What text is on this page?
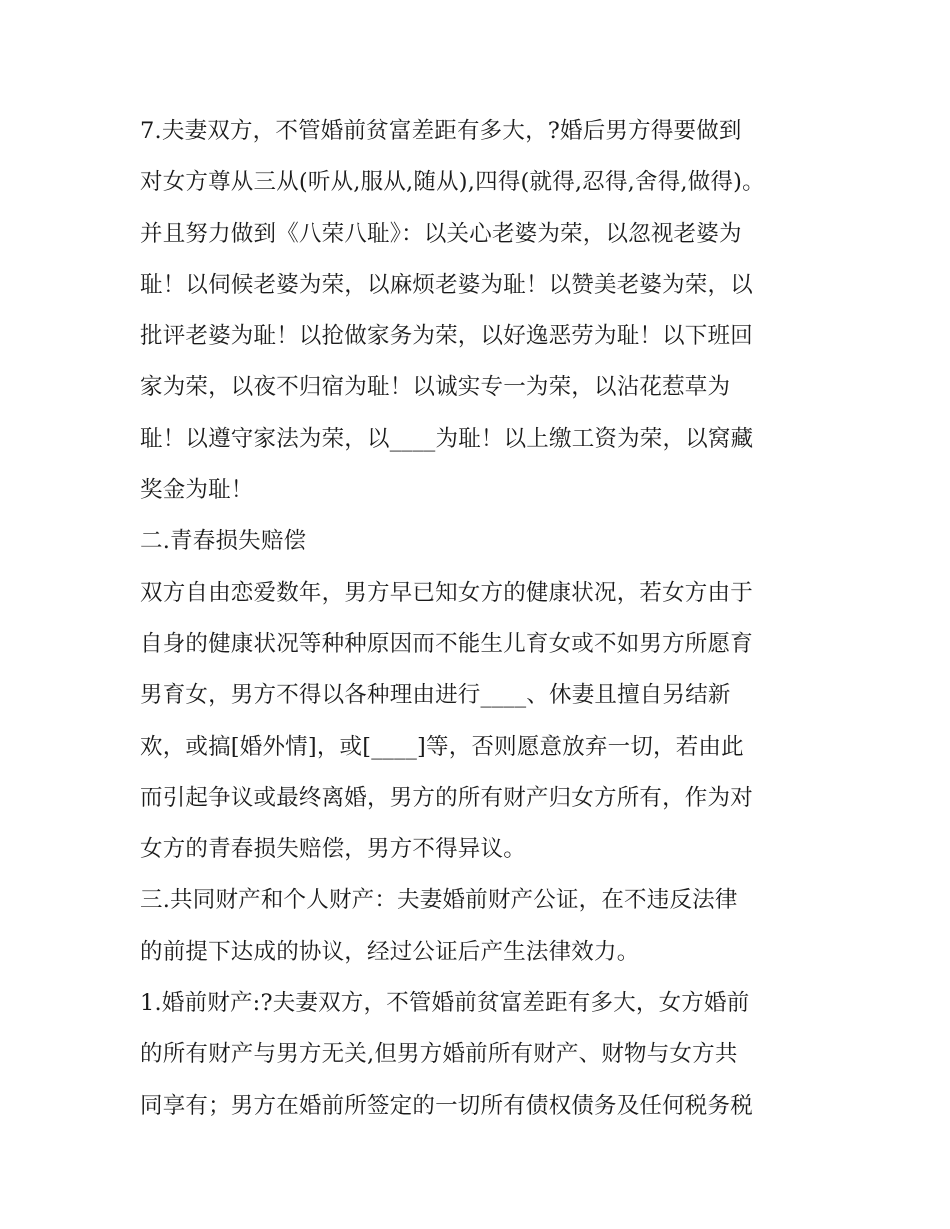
7.夫妻双方，不管婚前贫富差距有多大，?婚后男方得要做到
对女方尊从三从(听从,服从,随从),四得(就得,忍得,舍得,做得)。
并且努力做到《八荣八耻》：以关心老婆为荣，以忽视老婆为
耻！以伺候老婆为荣，以麻烦老婆为耻！以赞美老婆为荣，以
批评老婆为耻！以抢做家务为荣，以好逸恶劳为耻！以下班回
家为荣，以夜不归宿为耻！以诚实专一为荣，以沾花惹草为
耻！以遵守家法为荣，以____为耻！以上缴工资为荣，以窝藏
奖金为耻！
二.青春损失赔偿
双方自由恋爱数年，男方早已知女方的健康状况，若女方由于
自身的健康状况等种种原因而不能生儿育女或不如男方所愿育
男育女，男方不得以各种理由进行____、休妻且擅自另结新
欢，或搞[婚外情]，或[____]等，否则愿意放弃一切，若由此
而引起争议或最终离婚，男方的所有财产归女方所有，作为对
女方的青春损失赔偿，男方不得异议。
三.共同财产和个人财产：夫妻婚前财产公证，在不违反法律
的前提下达成的协议，经过公证后产生法律效力。
1.婚前财产:?夫妻双方，不管婚前贫富差距有多大，女方婚前
的所有财产与男方无关,但男方婚前所有财产、财物与女方共
同享有；男方在婚前所签定的一切所有债权债务及任何税务税
